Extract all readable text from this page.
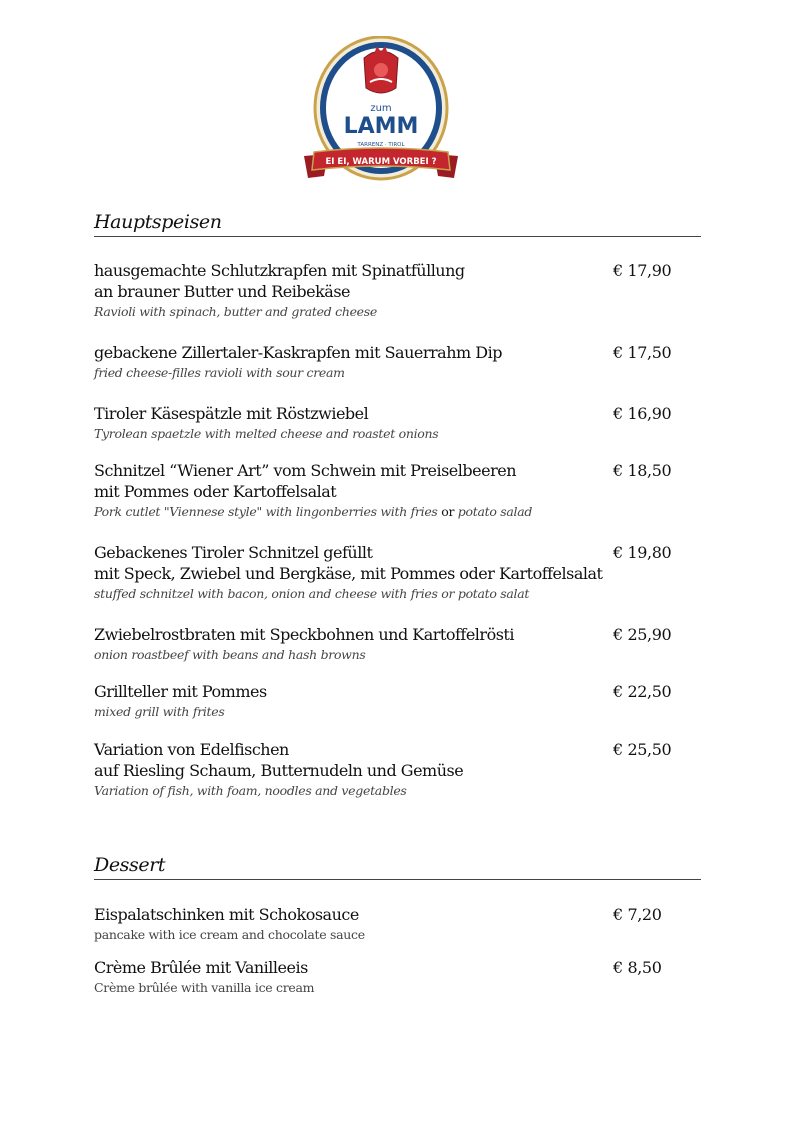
zum
LAMM
TARRENZ · TIROL
EI EI, WARUM VORBEI ?
Hauptspeisen
hausgemachte Schlutzkrapfen mit Spinatfüllung
an brauner Butter und Reibekäse
Ravioli with spinach, butter and grated cheese
€ 17,90
gebackene Zillertaler-Kaskrapfen mit Sauerrahm Dip
fried cheese-filles ravioli with sour cream
€ 17,50
Tiroler Käsespätzle mit Röstzwiebel
Tyrolean spaetzle with melted cheese and roastet onions
€ 16,90
Schnitzel “Wiener Art” vom Schwein mit Preiselbeeren
mit Pommes oder Kartoffelsalat
Pork cutlet "Viennese style" with lingonberries with fries or potato salad
€ 18,50
Gebackenes Tiroler Schnitzel gefüllt
mit Speck, Zwiebel und Bergkäse, mit Pommes oder Kartoffelsalat
stuffed schnitzel with bacon, onion and cheese with fries or potato salat
€ 19,80
Zwiebelrostbraten mit Speckbohnen und Kartoffelrösti
onion roastbeef with beans and hash browns
€ 25,90
Grillteller mit Pommes
mixed grill with frites
€ 22,50
Variation von Edelfischen
auf Riesling Schaum, Butternudeln und Gemüse
Variation of fish, with foam, noodles and vegetables
€ 25,50
Dessert
Eispalatschinken mit Schokosauce
pancake with ice cream and chocolate sauce
€ 7,20
Crème Brûlée mit Vanilleeis
Crème brûlée with vanilla ice cream
€ 8,50
